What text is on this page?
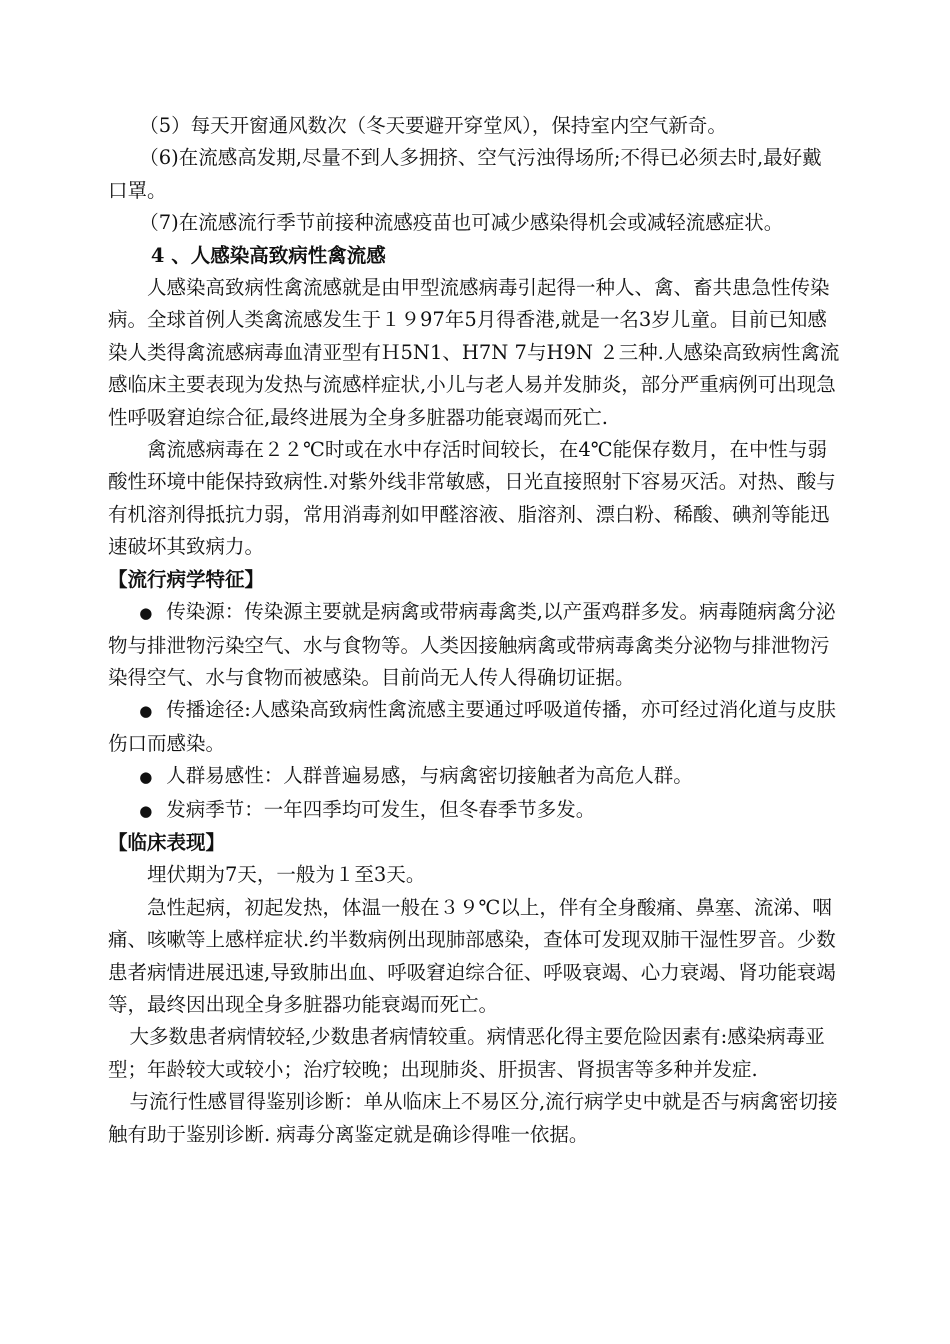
（5）每天开窗通风数次（冬天要避开穿堂风），保持室内空气新奇。

（6)在流感高发期,尽量不到人多拥挤、空气污浊得场所;不得已必须去时,最好戴口罩。

（7)在流感流行季节前接种流感疫苗也可减少感染得机会或减轻流感症状。

4 、人感染高致病性禽流感

人感染高致病性禽流感就是由甲型流感病毒引起得一种人、禽、畜共患急性传染病。全球首例人类禽流感发生于１９97年5月得香港,就是一名3岁儿童。目前已知感染人类得禽流感病毒血清亚型有Ｈ5N1、H7N 7与H9N ２三种.人感染高致病性禽流感临床主要表现为发热与流感样症状,小儿与老人易并发肺炎，部分严重病例可出现急性呼吸窘迫综合征,最终进展为全身多脏器功能衰竭而死亡.

禽流感病毒在２２℃时或在水中存活时间较长，在4℃能保存数月，在中性与弱酸性环境中能保持致病性.对紫外线非常敏感，日光直接照射下容易灭活。对热、酸与有机溶剂得抵抗力弱，常用消毒剂如甲醛溶液、脂溶剂、漂白粉、稀酸、碘剂等能迅速破坏其致病力。

【流行病学特征】

● 传染源：传染源主要就是病禽或带病毒禽类,以产蛋鸡群多发。病毒随病禽分泌物与排泄物污染空气、水与食物等。人类因接触病禽或带病毒禽类分泌物与排泄物污染得空气、水与食物而被感染。目前尚无人传人得确切证据。

● 传播途径:人感染高致病性禽流感主要通过呼吸道传播，亦可经过消化道与皮肤伤口而感染。

● 人群易感性：人群普遍易感，与病禽密切接触者为高危人群。

● 发病季节：一年四季均可发生，但冬春季节多发。

【临床表现】

埋伏期为7天，一般为１至3天。

急性起病，初起发热，体温一般在３９℃以上，伴有全身酸痛、鼻塞、流涕、咽痛、咳嗽等上感样症状.约半数病例出现肺部感染，查体可发现双肺干湿性罗音。少数患者病情进展迅速,导致肺出血、呼吸窘迫综合征、呼吸衰竭、心力衰竭、肾功能衰竭等，最终因出现全身多脏器功能衰竭而死亡。

大多数患者病情较轻,少数患者病情较重。病情恶化得主要危险因素有:感染病毒亚型；年龄较大或较小；治疗较晚；出现肺炎、肝损害、肾损害等多种并发症.

与流行性感冒得鉴别诊断：单从临床上不易区分,流行病学史中就是否与病禽密切接触有助于鉴别诊断. 病毒分离鉴定就是确诊得唯一依据。
